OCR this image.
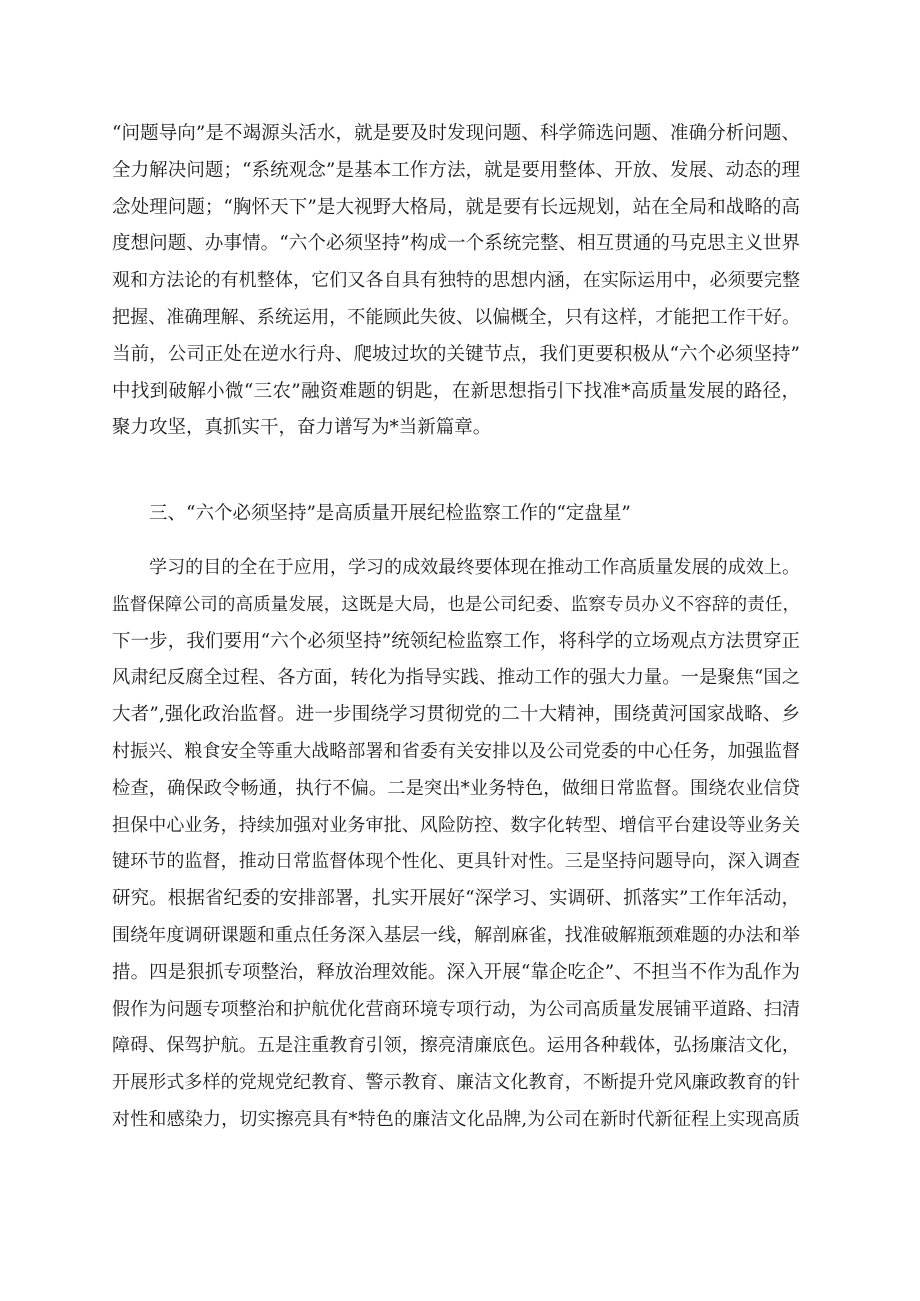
“问题导向”是不竭源头活水，就是要及时发现问题、科学筛选问题、准确分析问题、
全力解决问题；“系统观念”是基本工作方法，就是要用整体、开放、发展、动态的理
念处理问题；“胸怀天下”是大视野大格局，就是要有长远规划，站在全局和战略的高
度想问题、办事情。“六个必须坚持”构成一个系统完整、相互贯通的马克思主义世界
观和方法论的有机整体，它们又各自具有独特的思想内涵，在实际运用中，必须要完整
把握、准确理解、系统运用，不能顾此失彼、以偏概全，只有这样，才能把工作干好。
当前，公司正处在逆水行舟、爬坡过坎的关键节点，我们更要积极从“六个必须坚持”
中找到破解小微“三农”融资难题的钥匙，在新思想指引下找准*高质量发展的路径，
聚力攻坚，真抓实干，奋力谱写为*当新篇章。
三、“六个必须坚持”是高质量开展纪检监察工作的“定盘星”
学习的目的全在于应用，学习的成效最终要体现在推动工作高质量发展的成效上。
监督保障公司的高质量发展，这既是大局，也是公司纪委、监察专员办义不容辞的责任，
下一步，我们要用“六个必须坚持”统领纪检监察工作，将科学的立场观点方法贯穿正
风肃纪反腐全过程、各方面，转化为指导实践、推动工作的强大力量。一是聚焦“国之
大者”,强化政治监督。进一步围绕学习贯彻党的二十大精神，围绕黄河国家战略、乡
村振兴、粮食安全等重大战略部署和省委有关安排以及公司党委的中心任务，加强监督
检查，确保政令畅通，执行不偏。二是突出*业务特色，做细日常监督。围绕农业信贷
担保中心业务，持续加强对业务审批、风险防控、数字化转型、增信平台建设等业务关
键环节的监督，推动日常监督体现个性化、更具针对性。三是坚持问题导向，深入调查
研究。根据省纪委的安排部署，扎实开展好“深学习、实调研、抓落实”工作年活动，
围绕年度调研课题和重点任务深入基层一线，解剖麻雀，找准破解瓶颈难题的办法和举
措。四是狠抓专项整治，释放治理效能。深入开展“靠企吃企”、不担当不作为乱作为
假作为问题专项整治和护航优化营商环境专项行动，为公司高质量发展铺平道路、扫清
障碍、保驾护航。五是注重教育引领，擦亮清廉底色。运用各种载体，弘扬廉洁文化，
开展形式多样的党规党纪教育、警示教育、廉洁文化教育，不断提升党风廉政教育的针
对性和感染力，切实擦亮具有*特色的廉洁文化品牌,为公司在新时代新征程上实现高质
